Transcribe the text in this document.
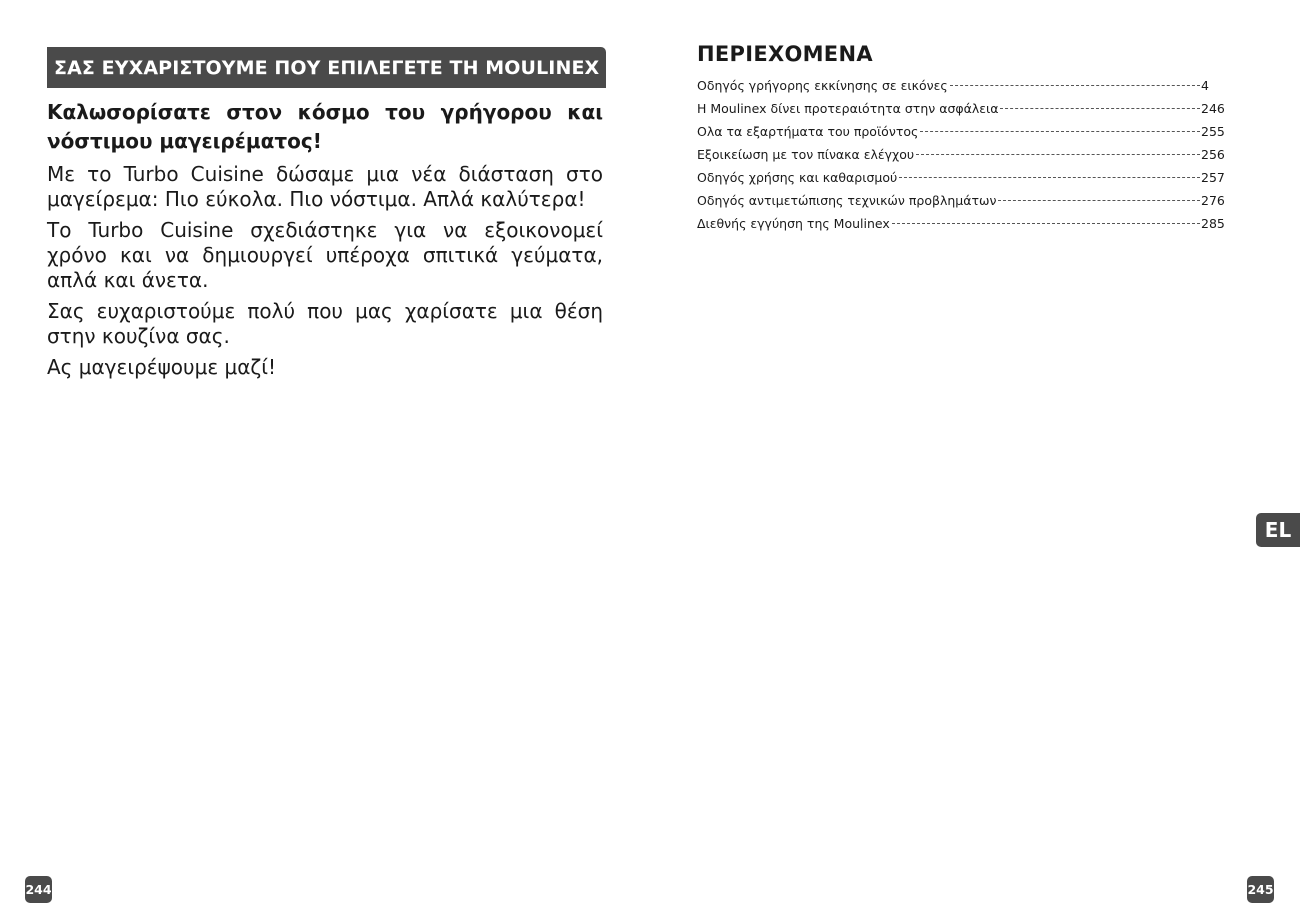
ΣΑΣ ΕΥΧΑΡΙΣΤΟΥΜΕ ΠΟΥ ΕΠΙΛΕΓΕΤΕ ΤΗ MOULINEX

Καλωσορίσατε στον κόσμο του γρήγορου και νόστιμου μαγειρέματος!

Με το Turbo Cuisine δώσαμε μια νέα διάσταση στο μαγείρεμα: Πιο εύκολα. Πιο νόστιμα. Απλά καλύτερα!

Το Turbo Cuisine σχεδιάστηκε για να εξοικονομεί χρόνο και να δημιουργεί υπέροχα σπιτικά γεύματα, απλά και άνετα.

Σας ευχαριστούμε πολύ που μας χαρίσατε μια θέση στην κουζίνα σας.

Ας μαγειρέψουμε μαζί!

ΠΕΡΙΕΧΟΜΕΝΑ
Οδηγός γρήγορης εκκίνησης σε εικόνες	4
Η Moulinex δίνει προτεραιότητα στην ασφάλεια	246
Ολα τα εξαρτήματα του προϊόντος	255
Εξοικείωση με τον πίνακα ελέγχου	256
Οδηγός χρήσης και καθαρισμού	257
Οδηγός αντιμετώπισης τεχνικών προβλημάτων	276
Διεθνής εγγύηση της Moulinex	285
EL
244	245
